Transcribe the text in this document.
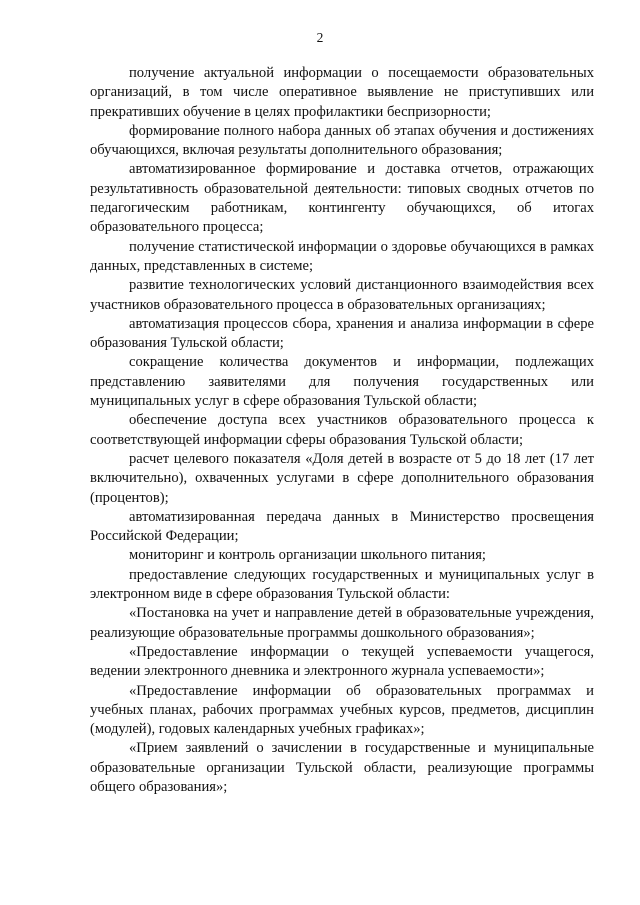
2

получение актуальной информации о посещаемости образовательных организаций, в том числе оперативное выявление не приступивших или прекративших обучение в целях профилактики беспризорности;

формирование полного набора данных об этапах обучения и достижениях обучающихся, включая результаты дополнительного образования;

автоматизированное формирование и доставка отчетов, отражающих результативность образовательной деятельности: типовых сводных отчетов по педагогическим работникам, контингенту обучающихся, об итогах образовательного процесса;

получение статистической информации о здоровье обучающихся в рамках данных, представленных в системе;

развитие технологических условий дистанционного взаимодействия всех участников образовательного процесса в образовательных организациях;

автоматизация процессов сбора, хранения и анализа информации в сфере образования Тульской области;

сокращение количества документов и информации, подлежащих представлению заявителями для получения государственных или муниципальных услуг в сфере образования Тульской области;

обеспечение доступа всех участников образовательного процесса к соответствующей информации сферы образования Тульской области;

расчет целевого показателя «Доля детей в возрасте от 5 до 18 лет (17 лет включительно), охваченных услугами в сфере дополнительного образования (процентов);

автоматизированная передача данных в Министерство просвещения Российской Федерации;

мониторинг и контроль организации школьного питания;

предоставление следующих государственных и муниципальных услуг в электронном виде в сфере образования Тульской области:

«Постановка на учет и направление детей в образовательные учреждения, реализующие образовательные программы дошкольного образования»;

«Предоставление информации о текущей успеваемости учащегося, ведении электронного дневника и электронного журнала успеваемости»;

«Предоставление информации об образовательных программах и учебных планах, рабочих программах учебных курсов, предметов, дисциплин (модулей), годовых календарных учебных графиках»;

«Прием заявлений о зачислении в государственные и муниципальные образовательные организации Тульской области, реализующие программы общего образования»;
